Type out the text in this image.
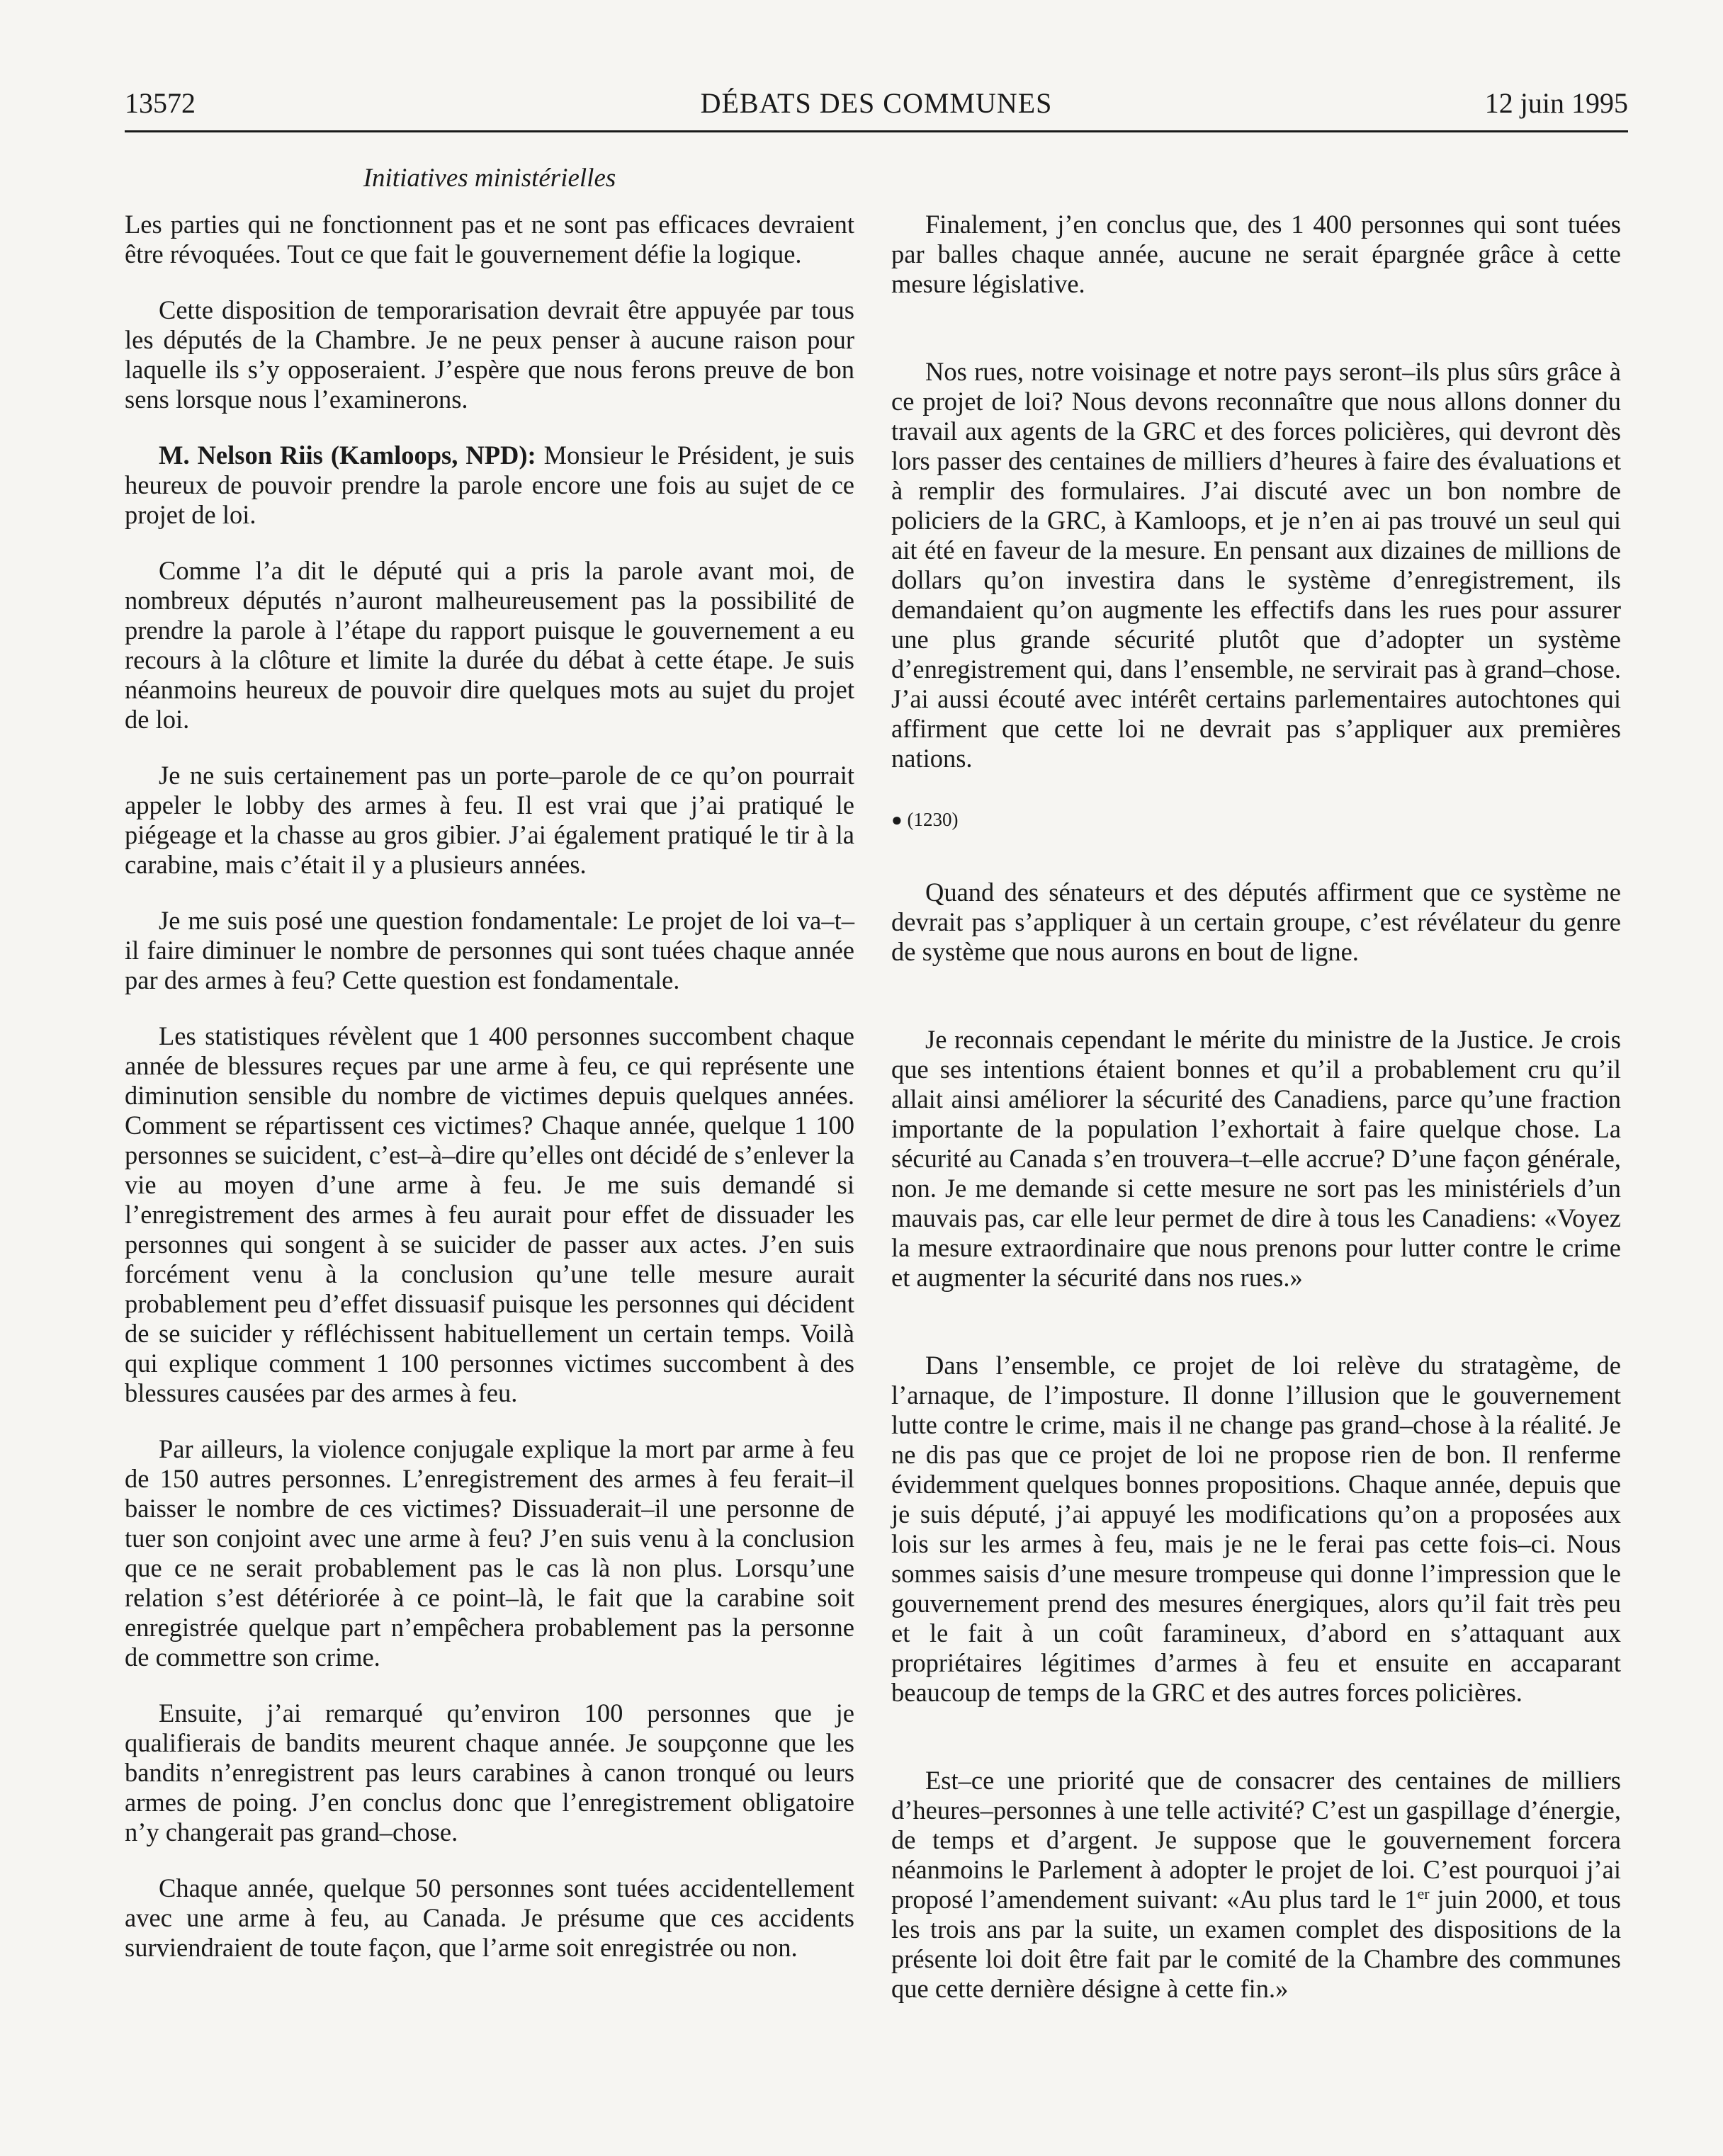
13572	DÉBATS DES COMMUNES	12 juin 1995
Initiatives ministérielles

Les parties qui ne fonctionnent pas et ne sont pas efficaces devraient être révoquées. Tout ce que fait le gouvernement défie la logique.

Cette disposition de temporarisation devrait être appuyée par tous les députés de la Chambre. Je ne peux penser à aucune raison pour laquelle ils s’y opposeraient. J’espère que nous ferons preuve de bon sens lorsque nous l’examinerons.

M. Nelson Riis (Kamloops, NPD): Monsieur le Président, je suis heureux de pouvoir prendre la parole encore une fois au sujet de ce projet de loi.

Comme l’a dit le député qui a pris la parole avant moi, de nombreux députés n’auront malheureusement pas la possibilité de prendre la parole à l’étape du rapport puisque le gouvernement a eu recours à la clôture et limite la durée du débat à cette étape. Je suis néanmoins heureux de pouvoir dire quelques mots au sujet du projet de loi.

Je ne suis certainement pas un porte–parole de ce qu’on pourrait appeler le lobby des armes à feu. Il est vrai que j’ai pratiqué le piégeage et la chasse au gros gibier. J’ai également pratiqué le tir à la carabine, mais c’était il y a plusieurs années.

Je me suis posé une question fondamentale: Le projet de loi va–t–il faire diminuer le nombre de personnes qui sont tuées chaque année par des armes à feu? Cette question est fondamentale.

Les statistiques révèlent que 1 400 personnes succombent chaque année de blessures reçues par une arme à feu, ce qui représente une diminution sensible du nombre de victimes depuis quelques années. Comment se répartissent ces victimes? Chaque année, quelque 1 100 personnes se suicident, c’est–à–dire qu’elles ont décidé de s’enlever la vie au moyen d’une arme à feu. Je me suis demandé si l’enregistrement des armes à feu aurait pour effet de dissuader les personnes qui songent à se suicider de passer aux actes. J’en suis forcément venu à la conclusion qu’une telle mesure aurait probablement peu d’effet dissuasif puisque les personnes qui décident de se suicider y réfléchissent habituellement un certain temps. Voilà qui explique comment 1 100 personnes victimes succombent à des blessures causées par des armes à feu.

Par ailleurs, la violence conjugale explique la mort par arme à feu de 150 autres personnes. L’enregistrement des armes à feu ferait–il baisser le nombre de ces victimes? Dissuaderait–il une personne de tuer son conjoint avec une arme à feu? J’en suis venu à la conclusion que ce ne serait probablement pas le cas là non plus. Lorsqu’une relation s’est détériorée à ce point–là, le fait que la carabine soit enregistrée quelque part n’empêchera probablement pas la personne de commettre son crime.

Ensuite, j’ai remarqué qu’environ 100 personnes que je qualifierais de bandits meurent chaque année. Je soupçonne que les bandits n’enregistrent pas leurs carabines à canon tronqué ou leurs armes de poing. J’en conclus donc que l’enregistrement obligatoire n’y changerait pas grand–chose.

Chaque année, quelque 50 personnes sont tuées accidentellement avec une arme à feu, au Canada. Je présume que ces accidents surviendraient de toute façon, que l’arme soit enregistrée ou non.

Finalement, j’en conclus que, des 1 400 personnes qui sont tuées par balles chaque année, aucune ne serait épargnée grâce à cette mesure législative.

Nos rues, notre voisinage et notre pays seront–ils plus sûrs grâce à ce projet de loi? Nous devons reconnaître que nous allons donner du travail aux agents de la GRC et des forces policières, qui devront dès lors passer des centaines de milliers d’heures à faire des évaluations et à remplir des formulaires. J’ai discuté avec un bon nombre de policiers de la GRC, à Kamloops, et je n’en ai pas trouvé un seul qui ait été en faveur de la mesure. En pensant aux dizaines de millions de dollars qu’on investira dans le système d’enregistrement, ils demandaient qu’on augmente les effectifs dans les rues pour assurer une plus grande sécurité plutôt que d’adopter un système d’enregistrement qui, dans l’ensemble, ne servirait pas à grand–chose. J’ai aussi écouté avec intérêt certains parlementaires autochtones qui affirment que cette loi ne devrait pas s’appliquer aux premières nations.

● (1230)

Quand des sénateurs et des députés affirment que ce système ne devrait pas s’appliquer à un certain groupe, c’est révélateur du genre de système que nous aurons en bout de ligne.

Je reconnais cependant le mérite du ministre de la Justice. Je crois que ses intentions étaient bonnes et qu’il a probablement cru qu’il allait ainsi améliorer la sécurité des Canadiens, parce qu’une fraction importante de la population l’exhortait à faire quelque chose. La sécurité au Canada s’en trouvera–t–elle accrue? D’une façon générale, non. Je me demande si cette mesure ne sort pas les ministériels d’un mauvais pas, car elle leur permet de dire à tous les Canadiens: «Voyez la mesure extraordinaire que nous prenons pour lutter contre le crime et augmenter la sécurité dans nos rues.»

Dans l’ensemble, ce projet de loi relève du stratagème, de l’arnaque, de l’imposture. Il donne l’illusion que le gouvernement lutte contre le crime, mais il ne change pas grand–chose à la réalité. Je ne dis pas que ce projet de loi ne propose rien de bon. Il renferme évidemment quelques bonnes propositions. Chaque année, depuis que je suis député, j’ai appuyé les modifications qu’on a proposées aux lois sur les armes à feu, mais je ne le ferai pas cette fois–ci. Nous sommes saisis d’une mesure trompeuse qui donne l’impression que le gouvernement prend des mesures énergiques, alors qu’il fait très peu et le fait à un coût faramineux, d’abord en s’attaquant aux propriétaires légitimes d’armes à feu et ensuite en accaparant beaucoup de temps de la GRC et des autres forces policières.

Est–ce une priorité que de consacrer des centaines de milliers d’heures–personnes à une telle activité? C’est un gaspillage d’énergie, de temps et d’argent. Je suppose que le gouvernement forcera néanmoins le Parlement à adopter le projet de loi. C’est pourquoi j’ai proposé l’amendement suivant: «Au plus tard le 1er juin 2000, et tous les trois ans par la suite, un examen complet des dispositions de la présente loi doit être fait par le comité de la Chambre des communes que cette dernière désigne à cette fin.»
